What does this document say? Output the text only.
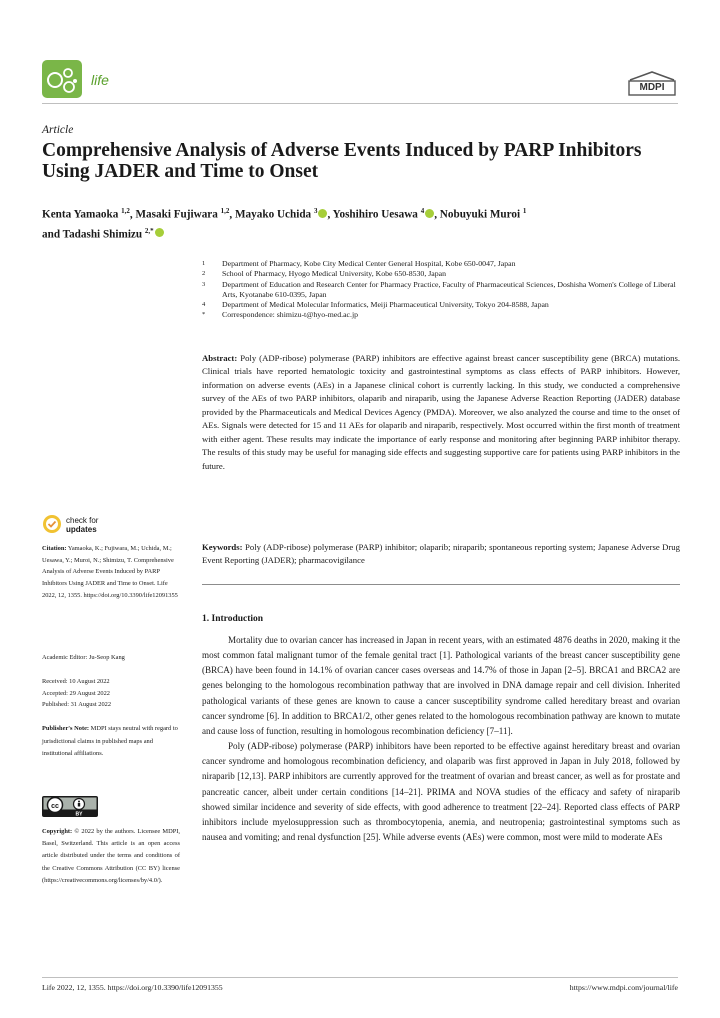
life	MDPI
Article
Comprehensive Analysis of Adverse Events Induced by PARP Inhibitors Using JADER and Time to Onset
Kenta Yamaoka $^{1,2}$, Masaki Fujiwara $^{1,2}$, Mayako Uchida $^3$ , Yoshihiro Uesawa $^4$ , Nobuyuki Muroi $^1$
and Tadashi Shimizu $^{2,*}$
1	Department of Pharmacy, Kobe City Medical Center General Hospital, Kobe 650-0047, Japan
2	School of Pharmacy, Hyogo Medical University, Kobe 650-8530, Japan
3	Department of Education and Research Center for Pharmacy Practice, Faculty of Pharmaceutical Sciences, Doshisha Women's College of Liberal Arts, Kyotanabe 610-0395, Japan
4	Department of Medical Molecular Informatics, Meiji Pharmaceutical University, Tokyo 204-8588, Japan
*	Correspondence: shimizu-t@hyo-med.ac.jp
Abstract: Poly (ADP-ribose) polymerase (PARP) inhibitors are effective against breast cancer susceptibility gene (BRCA) mutations. Clinical trials have reported hematologic toxicity and gastrointestinal symptoms as class effects of PARP inhibitors. However, information on adverse events (AEs) in a Japanese clinical cohort is currently lacking. In this study, we conducted a comprehensive survey of the AEs of two PARP inhibitors, olaparib and niraparib, using the Japanese Adverse Reaction Reporting (JADER) database provided by the Pharmaceuticals and Medical Devices Agency (PMDA). Moreover, we also analyzed the course and time to the onset of AEs. Signals were detected for 15 and 11 AEs for olaparib and niraparib, respectively. Most occurred within the first month of treatment with either agent. These results may indicate the importance of early response and monitoring after beginning PARP inhibitor therapy. The results of this study may be useful for managing side effects and suggesting supportive care for patients using PARP inhibitors in the future.
Keywords: Poly (ADP-ribose) polymerase (PARP) inhibitor; olaparib; niraparib; spontaneous reporting system; Japanese Adverse Drug Event Reporting (JADER); pharmacovigilance
1. Introduction

Mortality due to ovarian cancer has increased in Japan in recent years, with an estimated 4876 deaths in 2020, making it the most common fatal malignant tumor of the female genital tract [1]. Pathological variants of the breast cancer susceptibility gene (BRCA) have been found in 14.1% of ovarian cancer cases overseas and 14.7% of those in Japan [2–5]. BRCA1 and BRCA2 are genes belonging to the homologous recombination pathway that are involved in DNA damage repair and cell division. Inherited pathological variants of these genes are known to cause a cancer susceptibility syndrome called hereditary breast and ovarian cancer syndrome [6]. In addition to BRCA1/2, other genes related to the homologous recombination pathway are known to mutate and cause loss of function, resulting in homologous recombination deficiency [7–11].

Poly (ADP-ribose) polymerase (PARP) inhibitors have been reported to be effective against hereditary breast and ovarian cancer syndrome and homologous recombination deficiency, and olaparib was first approved in Japan in July 2018, followed by niraparib [12,13]. PARP inhibitors are currently approved for the treatment of ovarian and breast cancer, as well as for prostate and pancreatic cancer, albeit under certain conditions [14–21]. PRIMA and NOVA studies of the efficacy and safety of niraparib showed similar incidence and severity of side effects, with good adherence to treatment [22–24]. Reported class effects of PARP inhibitors include myelosuppression such as thrombocytopenia, anemia, and neutropenia; gastrointestinal symptoms such as nausea and vomiting; and renal dysfunction [25]. While adverse events (AEs) were common, most were mild to moderate AEs

check for
updates
Citation: Yamaoka, K.; Fujiwara, M.; Uchida, M.; Uesawa, Y.; Muroi, N.; Shimizu, T. Comprehensive Analysis of Adverse Events Induced by PARP Inhibitors Using JADER and Time to Onset. Life 2022, 12, 1355. https://doi.org/10.3390/life12091355
Academic Editor: Ju-Seop Kang
Received: 10 August 2022
Accepted: 29 August 2022
Published: 31 August 2022
Publisher's Note: MDPI stays neutral with regard to jurisdictional claims in published maps and institutional affiliations.
cc
BY
Copyright: © 2022 by the authors. Licensee MDPI, Basel, Switzerland. This article is an open access article distributed under the terms and conditions of the Creative Commons Attribution (CC BY) license (https://creativecommons.org/licenses/by/4.0/).
Life 2022, 12, 1355. https://doi.org/10.3390/life12091355	https://www.mdpi.com/journal/life
